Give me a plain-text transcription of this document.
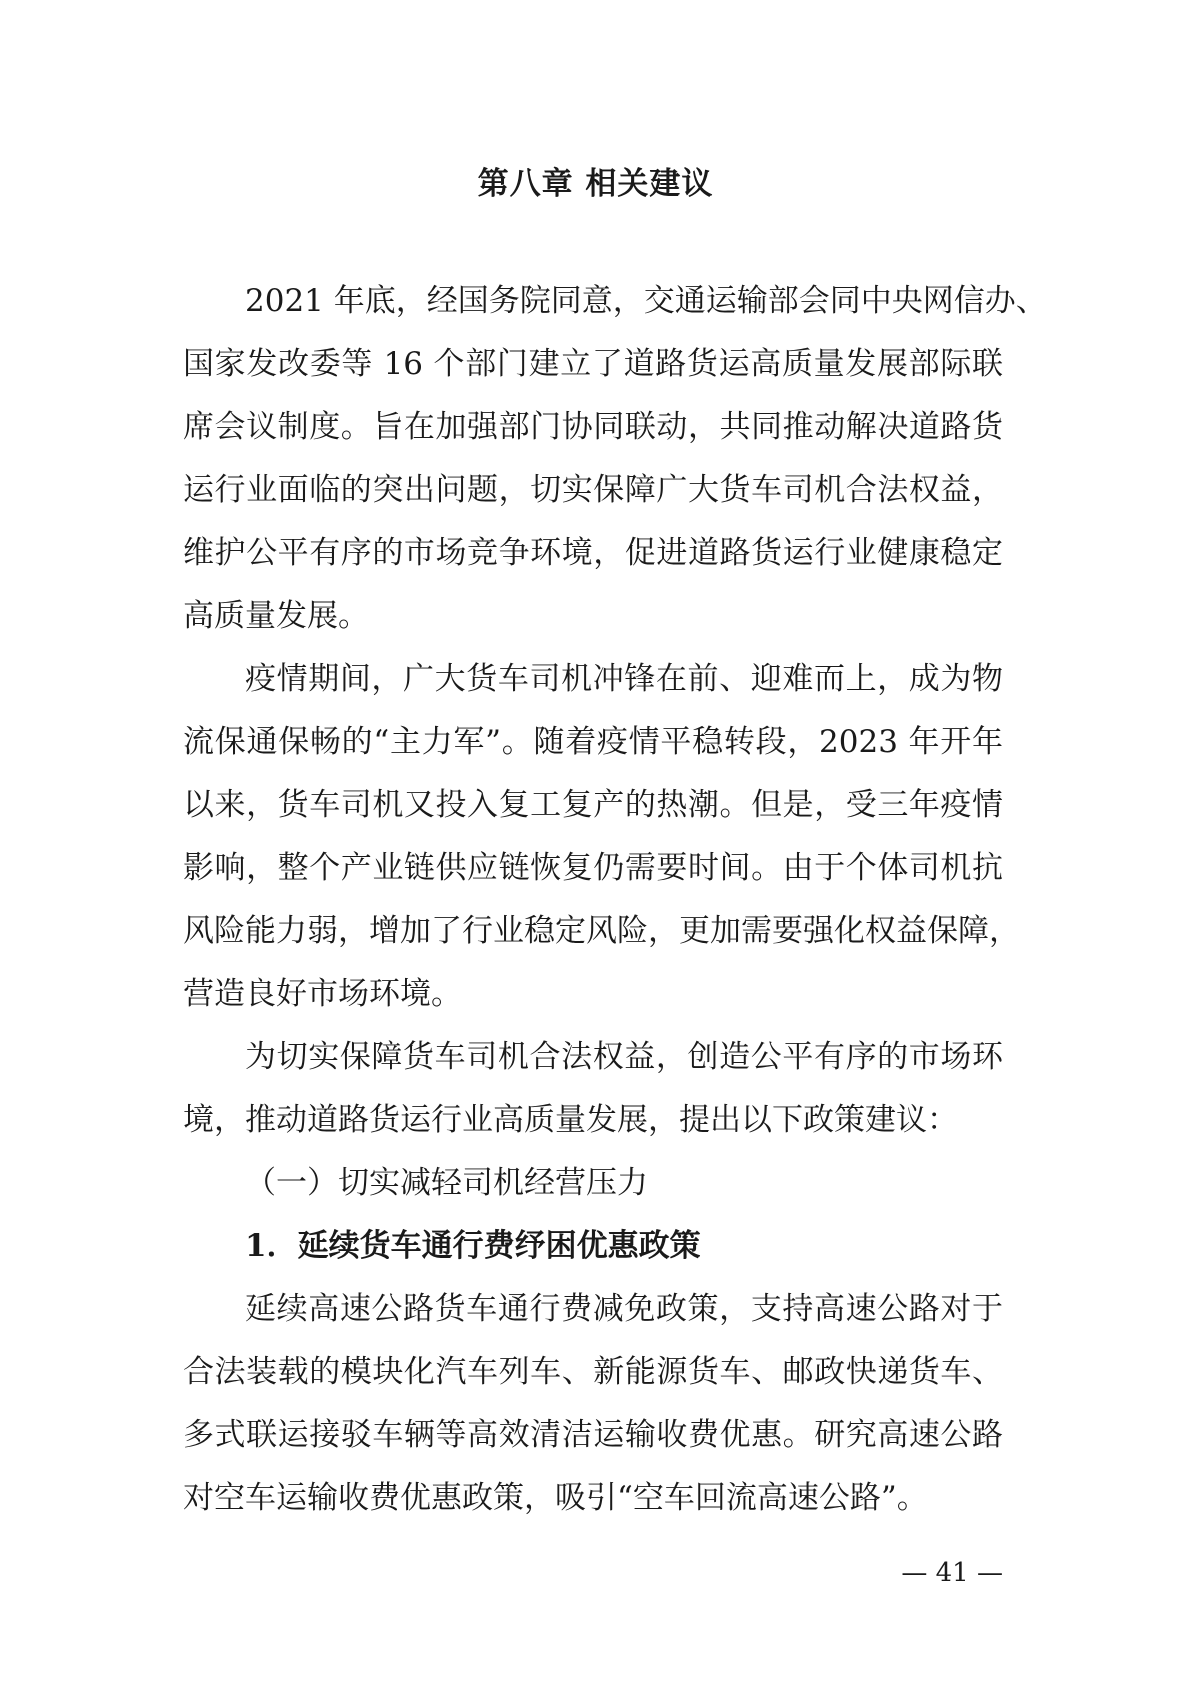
第八章 相关建议
2021 年底，经国务院同意，交通运输部会同中央网信办、
国家发改委等 16 个部门建立了道路货运高质量发展部际联
席会议制度。旨在加强部门协同联动，共同推动解决道路货
运行业面临的突出问题，切实保障广大货车司机合法权益，
维护公平有序的市场竞争环境，促进道路货运行业健康稳定
高质量发展。
疫情期间，广大货车司机冲锋在前、迎难而上，成为物
流保通保畅的“主力军”。随着疫情平稳转段，2023 年开年
以来，货车司机又投入复工复产的热潮。但是，受三年疫情
影响，整个产业链供应链恢复仍需要时间。由于个体司机抗
风险能力弱，增加了行业稳定风险，更加需要强化权益保障，
营造良好市场环境。
为切实保障货车司机合法权益，创造公平有序的市场环
境，推动道路货运行业高质量发展，提出以下政策建议：
（一）切实减轻司机经营压力
1．延续货车通行费纾困优惠政策
延续高速公路货车通行费减免政策，支持高速公路对于
合法装载的模块化汽车列车、新能源货车、邮政快递货车、
多式联运接驳车辆等高效清洁运输收费优惠。研究高速公路
对空车运输收费优惠政策，吸引“空车回流高速公路”。
— 41 —
